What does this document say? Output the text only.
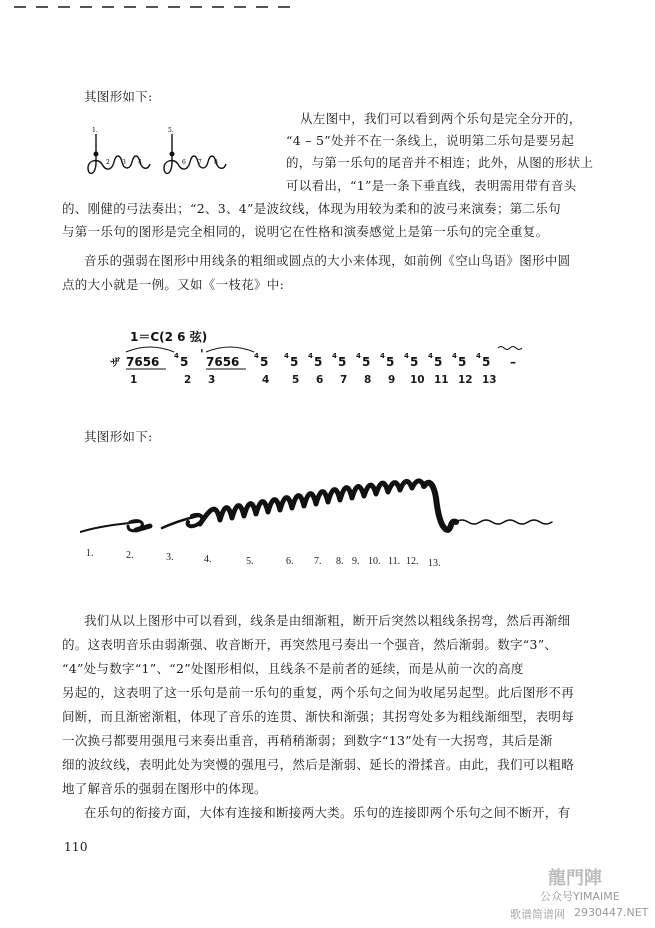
其图形如下:
1.	5.
2 3 4	6 7 8
从左图中，我们可以看到两个乐句是完全分开的，
“4 – 5”处并不在一条线上，说明第二乐句是要另起
的，与第一乐句的尾音并不相连；此外，从图的形状上
可以看出，“1”是一条下垂直线，表明需用带有音头
的、刚健的弓法奏出；“2、3、4”是波纹线，体现为用较为柔和的波弓来演奏；第二乐句
与第一乐句的图形是完全相同的，说明它在性格和演奏感觉上是第一乐句的完全重复。
音乐的强弱在图形中用线条的粗细或圆点的大小来体现，如前例《空山鸟语》图形中圆
点的大小就是一例。又如《一枝花》中:
1＝C(2 6 弦)
ザ 7656 5
4 '
7656 5
4	5
4 5
4 5
4 5
4 5
4 5
4 5
4 5
4 5
4 –
1	2 3	4 5 6 7 8 9 10 11 12 13
其图形如下:
1.	2.	3.	4.	5.	6. 7. 8. 9. 10. 11. 12. 13.
我们从以上图形中可以看到，线条是由细渐粗，断开后突然以粗线条拐弯，然后再渐细
的。这表明音乐由弱渐强、收音断开，再突然甩弓奏出一个强音，然后渐弱。数字“3”、
“4”处与数字“1”、“2”处图形相似，且线条不是前者的延续，而是从前一次的高度
另起的，这表明了这一乐句是前一乐句的重复，两个乐句之间为收尾另起型。此后图形不再
间断，而且渐密渐粗，体现了音乐的连贯、渐快和渐强；其拐弯处多为粗线渐细型，表明每
一次换弓都要用强甩弓来奏出重音，再稍稍渐弱；到数字“13”处有一大拐弯，其后是渐
细的波纹线，表明此处为突慢的强甩弓，然后是渐弱、延长的滑揉音。由此，我们可以粗略
地了解音乐的强弱在图形中的体现。
在乐句的衔接方面，大体有连接和断接两大类。乐句的连接即两个乐句之间不断开，有
110
龍門陣
公众号YIMAIME
歌谱简谱网 2930447.NET
